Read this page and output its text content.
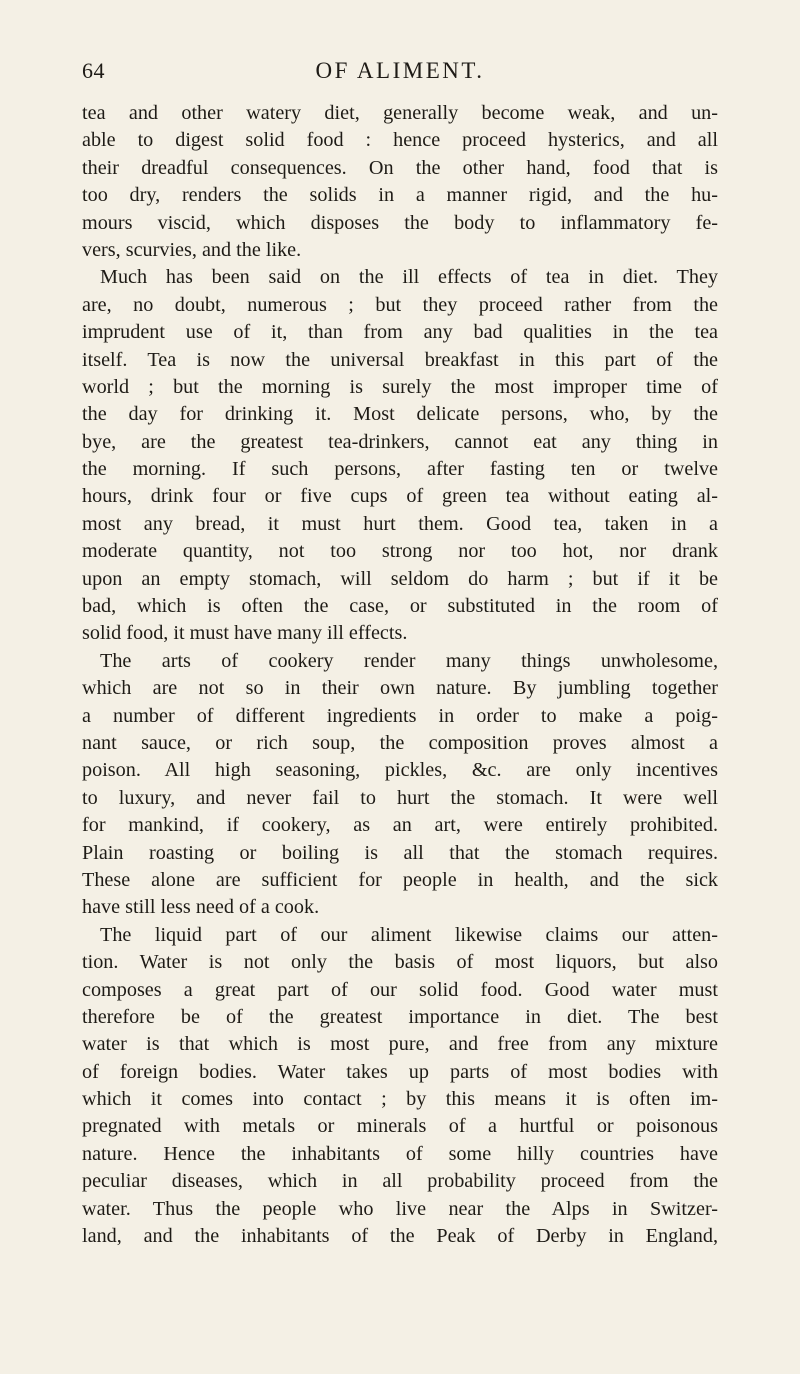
64	OF ALIMENT.
tea and other watery diet, generally become weak, and un-
able to digest solid food : hence proceed hysterics, and all
their dreadful consequences. On the other hand, food that is
too dry, renders the solids in a manner rigid, and the hu-
mours viscid, which disposes the body to inflammatory fe-
vers, scurvies, and the like.
Much has been said on the ill effects of tea in diet. They
are, no doubt, numerous ; but they proceed rather from the
imprudent use of it, than from any bad qualities in the tea
itself. Tea is now the universal breakfast in this part of the
world ; but the morning is surely the most improper time of
the day for drinking it. Most delicate persons, who, by the
bye, are the greatest tea-drinkers, cannot eat any thing in
the morning. If such persons, after fasting ten or twelve
hours, drink four or five cups of green tea without eating al-
most any bread, it must hurt them. Good tea, taken in a
moderate quantity, not too strong nor too hot, nor drank
upon an empty stomach, will seldom do harm ; but if it be
bad, which is often the case, or substituted in the room of
solid food, it must have many ill effects.
The arts of cookery render many things unwholesome,
which are not so in their own nature. By jumbling together
a number of different ingredients in order to make a poig-
nant sauce, or rich soup, the composition proves almost a
poison. All high seasoning, pickles, &c. are only incentives
to luxury, and never fail to hurt the stomach. It were well
for mankind, if cookery, as an art, were entirely prohibited.
Plain roasting or boiling is all that the stomach requires.
These alone are sufficient for people in health, and the sick
have still less need of a cook.
The liquid part of our aliment likewise claims our atten-
tion. Water is not only the basis of most liquors, but also
composes a great part of our solid food. Good water must
therefore be of the greatest importance in diet. The best
water is that which is most pure, and free from any mixture
of foreign bodies. Water takes up parts of most bodies with
which it comes into contact ; by this means it is often im-
pregnated with metals or minerals of a hurtful or poisonous
nature. Hence the inhabitants of some hilly countries have
peculiar diseases, which in all probability proceed from the
water. Thus the people who live near the Alps in Switzer-
land, and the inhabitants of the Peak of Derby in England,
